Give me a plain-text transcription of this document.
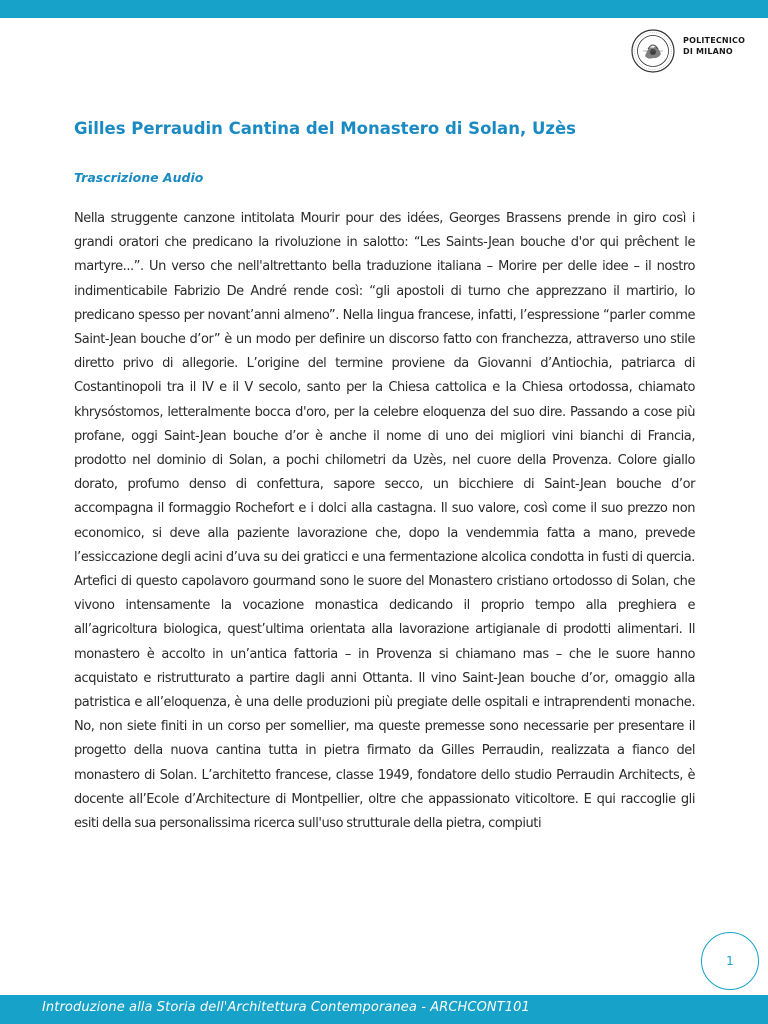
POLITECNICO
DI MILANO
Gilles Perraudin Cantina del Monastero di Solan, Uzès
Trascrizione Audio

Nella struggente canzone intitolata Mourir pour des idées, Georges Brassens prende in giro così i grandi oratori che predicano la rivoluzione in salotto: “Les Saints-Jean bouche d'or qui prêchent le martyre...”. Un verso che nell'altrettanto bella traduzione italiana – Morire per delle idee – il nostro indimenticabile Fabrizio De André rende così: “gli apostoli di turno che apprezzano il martirio, lo predicano spesso per novant’anni almeno”. Nella lingua francese, infatti, l’espressione “parler comme Saint-Jean bouche d’or” è un modo per definire un discorso fatto con franchezza, attraverso uno stile diretto privo di allegorie. L’origine del termine proviene da Giovanni d’Antiochia, patriarca di Costantinopoli tra il IV e il V secolo, santo per la Chiesa cattolica e la Chiesa ortodossa, chiamato khrysóstomos, letteralmente bocca d'oro, per la celebre eloquenza del suo dire. Passando a cose più profane, oggi Saint-Jean bouche d’or è anche il nome di uno dei migliori vini bianchi di Francia, prodotto nel dominio di Solan, a pochi chilometri da Uzès, nel cuore della Provenza. Colore giallo dorato, profumo denso di confettura, sapore secco, un bicchiere di Saint-Jean bouche d’or accompagna il formaggio Rochefort e i dolci alla castagna. Il suo valore, così come il suo prezzo non economico, si deve alla paziente lavorazione che, dopo la vendemmia fatta a mano, prevede l’essiccazione degli acini d’uva su dei graticci e una fermentazione alcolica condotta in fusti di quercia. Artefici di questo capolavoro gourmand sono le suore del Monastero cristiano ortodosso di Solan, che vivono intensamente la vocazione monastica dedicando il proprio tempo alla preghiera e all’agricoltura biologica, quest’ultima orientata alla lavorazione artigianale di prodotti alimentari. Il monastero è accolto in un’antica fattoria – in Provenza si chiamano mas – che le suore hanno acquistato e ristrutturato a partire dagli anni Ottanta. Il vino Saint-Jean bouche d’or, omaggio alla patristica e all’eloquenza, è una delle produzioni più pregiate delle ospitali e intraprendenti monache. No, non siete finiti in un corso per somellier, ma queste premesse sono necessarie per presentare il progetto della nuova cantina tutta in pietra firmato da Gilles Perraudin, realizzata a fianco del monastero di Solan. L’architetto francese, classe 1949, fondatore dello studio Perraudin Architects, è docente all’Ecole d’Architecture di Montpellier, oltre che appassionato viticoltore. E qui raccoglie gli esiti della sua personalissima ricerca sull'uso strutturale della pietra, compiuti

1
Introduzione alla Storia dell'Architettura Contemporanea - ARCHCONT101
